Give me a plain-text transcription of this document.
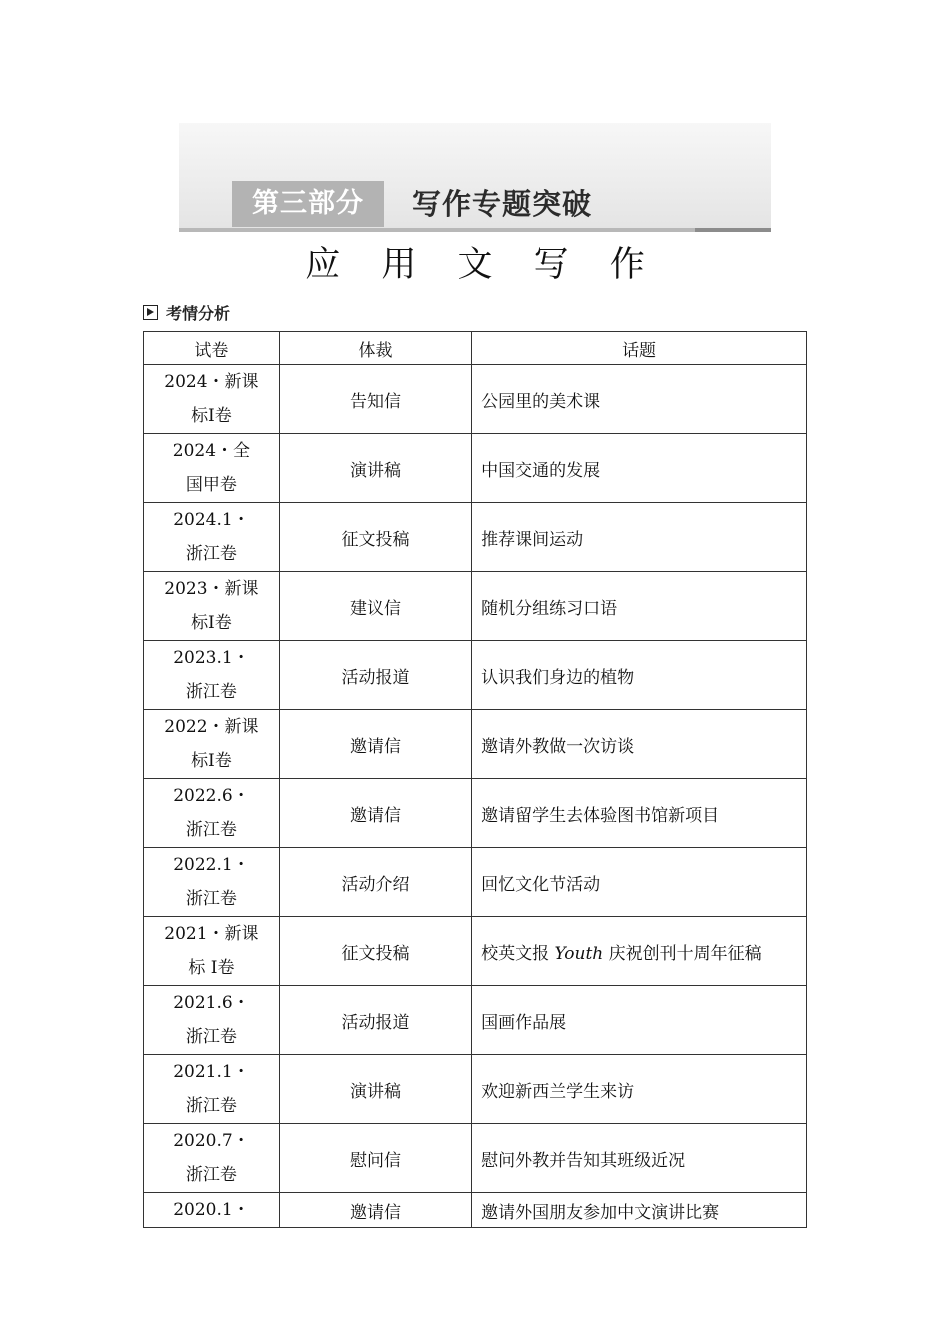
第三部分	写作专题突破
应 用 文 写 作
考情分析
试卷	体裁	话题

2024・新课
标Ⅰ卷	告知信	公园里的美术课

2024・全
国甲卷	演讲稿	中国交通的发展

2024.1・
浙江卷	征文投稿	推荐课间运动

2023・新课
标Ⅰ卷	建议信	随机分组练习口语

2023.1・
浙江卷	活动报道	认识我们身边的植物

2022・新课
标Ⅰ卷	邀请信	邀请外教做一次访谈

2022.6・
浙江卷	邀请信	邀请留学生去体验图书馆新项目

2022.1・
浙江卷	活动介绍	回忆文化节活动

2021・新课
标 Ⅰ卷	征文投稿	校英文报 Youth 庆祝创刊十周年征稿

2021.6・
浙江卷	活动报道	国画作品展

2021.1・
浙江卷	演讲稿	欢迎新西兰学生来访

2020.7・
浙江卷	慰问信	慰问外教并告知其班级近况

2020.1・	邀请信	邀请外国朋友参加中文演讲比赛
